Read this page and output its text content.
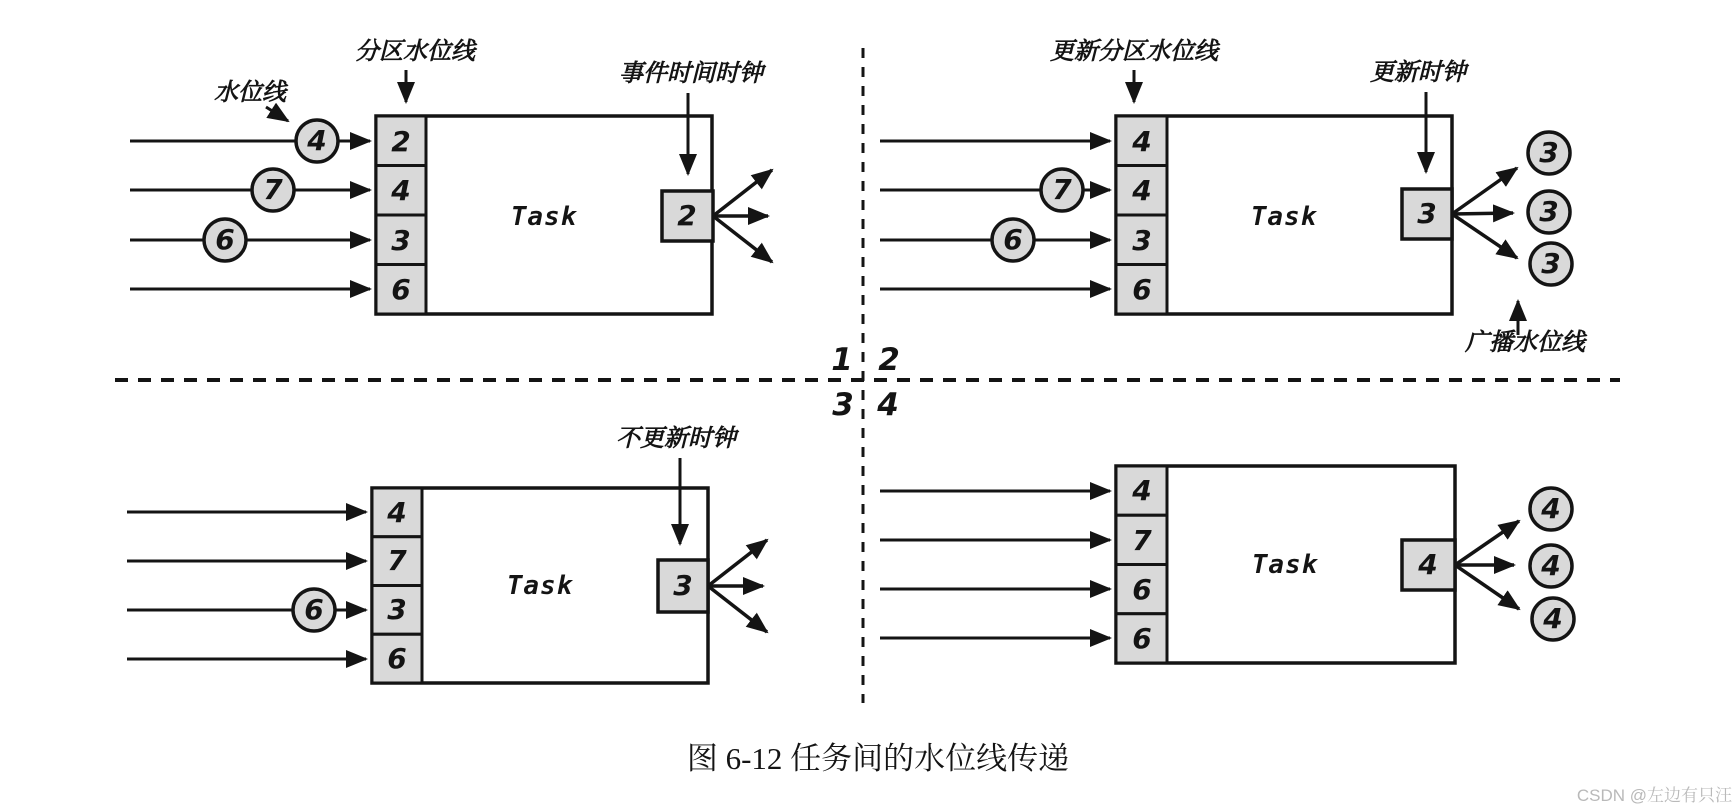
Task
2
4
3
6
4
7
6
2
分区水位线
水位线
事件时间时钟
Task
4
4
3
6
7
6
3
3
3
3
更新分区水位线
更新时钟
广播水位线
1 2
3 4
Task
4
7
3
6
6
3
不更新时钟
Task
4
7
6
6
4
4
4
4
图 6-12 任务间的水位线传递
CSDN @左边有只汪
